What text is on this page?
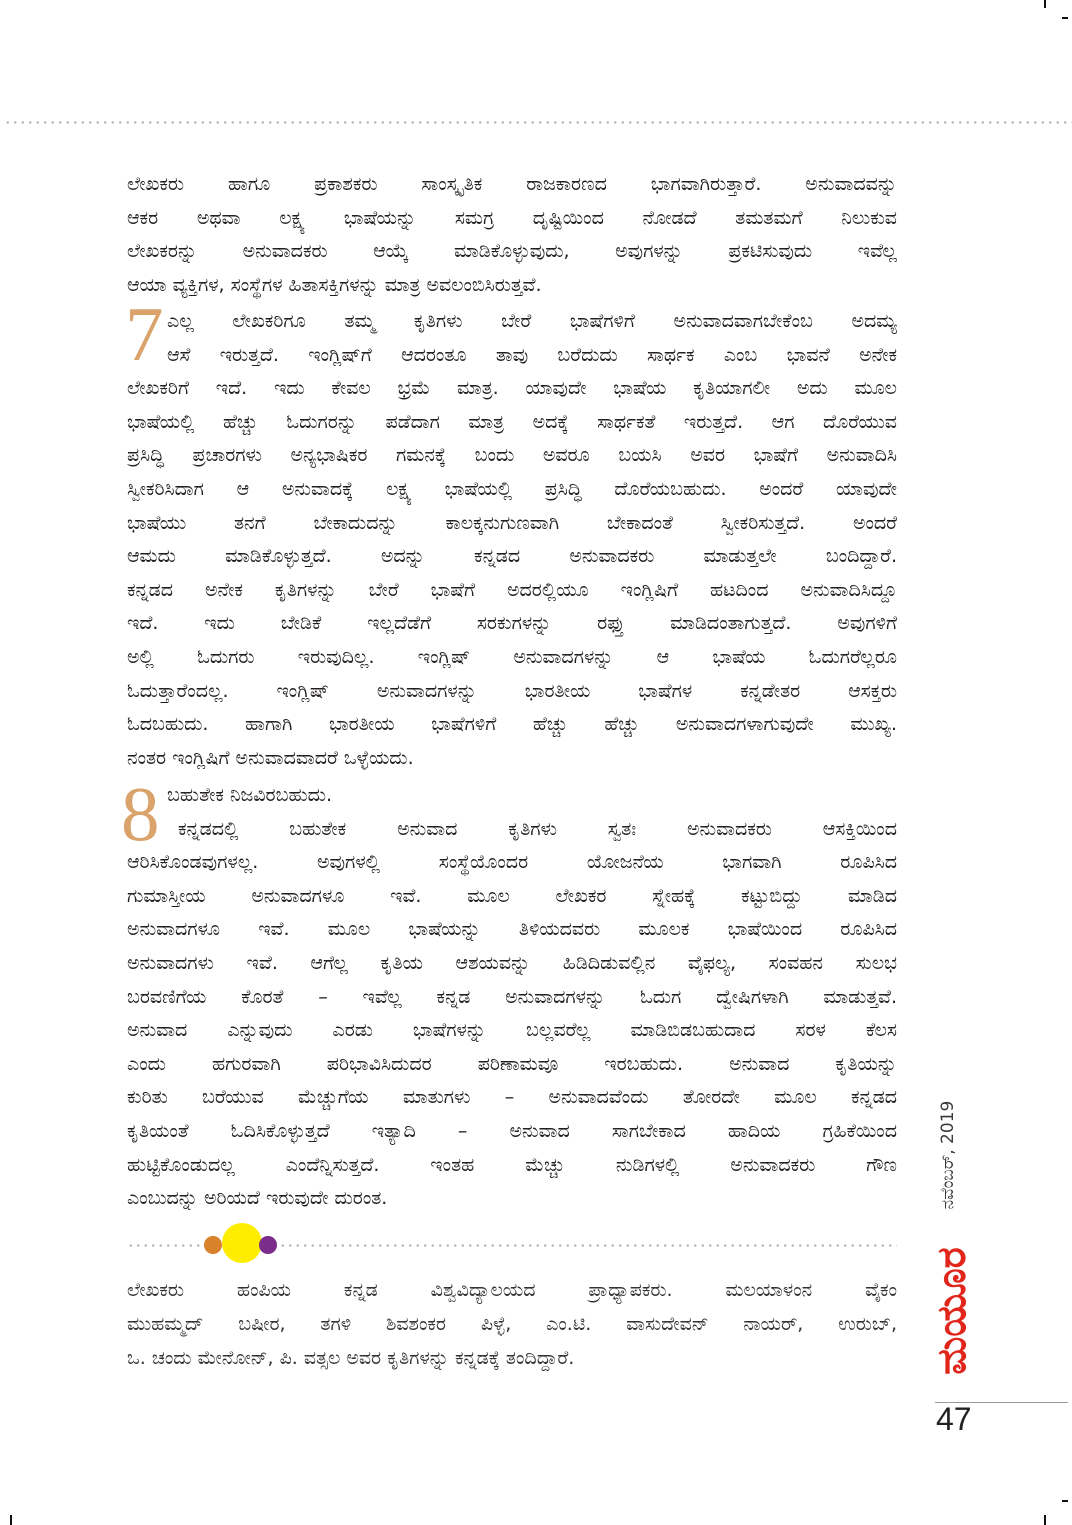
ಲೇಖಕರು ಹಾಗೂ ಪ್ರಕಾಶಕರು ಸಾಂಸ್ಕೃತಿಕ ರಾಜಕಾರಣದ ಭಾಗವಾಗಿರುತ್ತಾರೆ. ಅನುವಾದವನ್ನು
ಆಕರ ಅಥವಾ ಲಕ್ಷ್ಯ ಭಾಷೆಯನ್ನು ಸಮಗ್ರ ದೃಷ್ಟಿಯಿಂದ ನೋಡದೆ ತಮತಮಗೆ ನಿಲುಕುವ
ಲೇಖಕರನ್ನು ಅನುವಾದಕರು ಆಯ್ಕೆ ಮಾಡಿಕೊಳ್ಳುವುದು, ಅವುಗಳನ್ನು ಪ್ರಕಟಿಸುವುದು ಇವೆಲ್ಲ
ಆಯಾ ವ್ಯಕ್ತಿಗಳ, ಸಂಸ್ಥೆಗಳ ಹಿತಾಸಕ್ತಿಗಳನ್ನು ಮಾತ್ರ ಅವಲಂಬಿಸಿರುತ್ತವೆ.
7 ಎಲ್ಲ ಲೇಖಕರಿಗೂ ತಮ್ಮ ಕೃತಿಗಳು ಬೇರೆ ಭಾಷೆಗಳಿಗೆ ಅನುವಾದವಾಗಬೇಕೆಂಬ ಅದಮ್ಯ
ಆಸೆ ಇರುತ್ತದೆ. ಇಂಗ್ಲಿಷ್‌ಗೆ ಆದರಂತೂ ತಾವು ಬರೆದುದು ಸಾರ್ಥಕ ಎಂಬ ಭಾವನೆ ಅನೇಕ
ಲೇಖಕರಿಗೆ ಇದೆ. ಇದು ಕೇವಲ ಭ್ರಮೆ ಮಾತ್ರ. ಯಾವುದೇ ಭಾಷೆಯ ಕೃತಿಯಾಗಲೀ ಅದು ಮೂಲ
ಭಾಷೆಯಲ್ಲಿ ಹೆಚ್ಚು ಓದುಗರನ್ನು ಪಡೆದಾಗ ಮಾತ್ರ ಅದಕ್ಕೆ ಸಾರ್ಥಕತೆ ಇರುತ್ತದೆ. ಆಗ ದೊರೆಯುವ
ಪ್ರಸಿದ್ಧಿ ಪ್ರಚಾರಗಳು ಅನ್ಯಭಾಷಿಕರ ಗಮನಕ್ಕೆ ಬಂದು ಅವರೂ ಬಯಸಿ ಅವರ ಭಾಷೆಗೆ ಅನುವಾದಿಸಿ
ಸ್ವೀಕರಿಸಿದಾಗ ಆ ಅನುವಾದಕ್ಕೆ ಲಕ್ಷ್ಯ ಭಾಷೆಯಲ್ಲಿ ಪ್ರಸಿದ್ಧಿ ದೊರೆಯಬಹುದು. ಅಂದರೆ ಯಾವುದೇ
ಭಾಷೆಯು ತನಗೆ ಬೇಕಾದುದನ್ನು ಕಾಲಕ್ಕನುಗುಣವಾಗಿ ಬೇಕಾದಂತೆ ಸ್ವೀಕರಿಸುತ್ತದೆ. ಅಂದರೆ
ಆಮದು ಮಾಡಿಕೊಳ್ಳುತ್ತದೆ. ಅದನ್ನು ಕನ್ನಡದ ಅನುವಾದಕರು ಮಾಡುತ್ತಲೇ ಬಂದಿದ್ದಾರೆ.
ಕನ್ನಡದ ಅನೇಕ ಕೃತಿಗಳನ್ನು ಬೇರೆ ಭಾಷೆಗೆ ಅದರಲ್ಲಿಯೂ ಇಂಗ್ಲಿಷಿಗೆ ಹಟದಿಂದ ಅನುವಾದಿಸಿದ್ದೂ
ಇದೆ. ಇದು ಬೇಡಿಕೆ ಇಲ್ಲದೆಡೆಗೆ ಸರಕುಗಳನ್ನು ರಫ್ತು ಮಾಡಿದಂತಾಗುತ್ತದೆ. ಅವುಗಳಿಗೆ
ಅಲ್ಲಿ ಓದುಗರು ಇರುವುದಿಲ್ಲ. ಇಂಗ್ಲಿಷ್ ಅನುವಾದಗಳನ್ನು ಆ ಭಾಷೆಯ ಓದುಗರೆಲ್ಲರೂ
ಓದುತ್ತಾರೆಂದಲ್ಲ. ಇಂಗ್ಲಿಷ್ ಅನುವಾದಗಳನ್ನು ಭಾರತೀಯ ಭಾಷೆಗಳ ಕನ್ನಡೇತರ ಆಸಕ್ತರು
ಓದಬಹುದು. ಹಾಗಾಗಿ ಭಾರತೀಯ ಭಾಷೆಗಳಿಗೆ ಹೆಚ್ಚು ಹೆಚ್ಚು ಅನುವಾದಗಳಾಗುವುದೇ ಮುಖ್ಯ.
ನಂತರ ಇಂಗ್ಲಿಷಿಗೆ ಅನುವಾದವಾದರೆ ಒಳ್ಳೆಯದು.
8 ಬಹುತೇಕ ನಿಜವಿರಬಹುದು.
ಕನ್ನಡದಲ್ಲಿ ಬಹುತೇಕ ಅನುವಾದ ಕೃತಿಗಳು ಸ್ವತಃ ಅನುವಾದಕರು ಆಸಕ್ತಿಯಿಂದ
ಆರಿಸಿಕೊಂಡವುಗಳಲ್ಲ. ಅವುಗಳಲ್ಲಿ ಸಂಸ್ಥೆಯೊಂದರ ಯೋಜನೆಯ ಭಾಗವಾಗಿ ರೂಪಿಸಿದ
ಗುಮಾಸ್ತೀಯ ಅನುವಾದಗಳೂ ಇವೆ. ಮೂಲ ಲೇಖಕರ ಸ್ನೇಹಕ್ಕೆ ಕಟ್ಟುಬಿದ್ದು ಮಾಡಿದ
ಅನುವಾದಗಳೂ ಇವೆ. ಮೂಲ ಭಾಷೆಯನ್ನು ತಿಳಿಯದವರು ಮೂಲಕ ಭಾಷೆಯಿಂದ ರೂಪಿಸಿದ
ಅನುವಾದಗಳು ಇವೆ. ಆಗೆಲ್ಲ ಕೃತಿಯ ಆಶಯವನ್ನು ಹಿಡಿದಿಡುವಲ್ಲಿನ ವೈಫಲ್ಯ, ಸಂವಹನ ಸುಲಭ
ಬರವಣಿಗೆಯ ಕೊರತೆ – ಇವೆಲ್ಲ ಕನ್ನಡ ಅನುವಾದಗಳನ್ನು ಓದುಗ ದ್ವೇಷಿಗಳಾಗಿ ಮಾಡುತ್ತವೆ.
ಅನುವಾದ ಎನ್ನುವುದು ಎರಡು ಭಾಷೆಗಳನ್ನು ಬಲ್ಲವರೆಲ್ಲ ಮಾಡಿಬಿಡಬಹುದಾದ ಸರಳ ಕೆಲಸ
ಎಂದು ಹಗುರವಾಗಿ ಪರಿಭಾವಿಸಿದುದರ ಪರಿಣಾಮವೂ ಇರಬಹುದು. ಅನುವಾದ ಕೃತಿಯನ್ನು
ಕುರಿತು ಬರೆಯುವ ಮೆಚ್ಚುಗೆಯ ಮಾತುಗಳು – ಅನುವಾದವೆಂದು ತೋರದೇ ಮೂಲ ಕನ್ನಡದ
ಕೃತಿಯಂತೆ ಓದಿಸಿಕೊಳ್ಳುತ್ತದೆ ಇತ್ಯಾದಿ – ಅನುವಾದ ಸಾಗಬೇಕಾದ ಹಾದಿಯ ಗ್ರಹಿಕೆಯಿಂದ
ಹುಟ್ಟಿಕೊಂಡುದಲ್ಲ ಎಂದೆನ್ನಿಸುತ್ತದೆ. ಇಂತಹ ಮೆಚ್ಚು ನುಡಿಗಳಲ್ಲಿ ಅನುವಾದಕರು ಗೌಣ
ಎಂಬುದನ್ನು ಅರಿಯದೆ ಇರುವುದೇ ದುರಂತ.
ಲೇಖಕರು ಹಂಪಿಯ ಕನ್ನಡ ವಿಶ್ವವಿದ್ಯಾಲಯದ ಪ್ರಾಧ್ಯಾಪಕರು. ಮಲಯಾಳಂನ ವೈಕಂ
ಮುಹಮ್ಮದ್ ಬಷೀರ, ತಗಳಿ ಶಿವಶಂಕರ ಪಿಳ್ಳೆ, ಎಂ.ಟಿ. ವಾಸುದೇವನ್ ನಾಯರ್, ಉರುಬ್,
ಒ. ಚಂದು ಮೇನೋನ್, ಪಿ. ವತ್ಸಲ ಅವರ ಕೃತಿಗಳನ್ನು ಕನ್ನಡಕ್ಕೆ ತಂದಿದ್ದಾರೆ.
ನವೆಂಬರ್, 2019
ಮಯೂರ
47
